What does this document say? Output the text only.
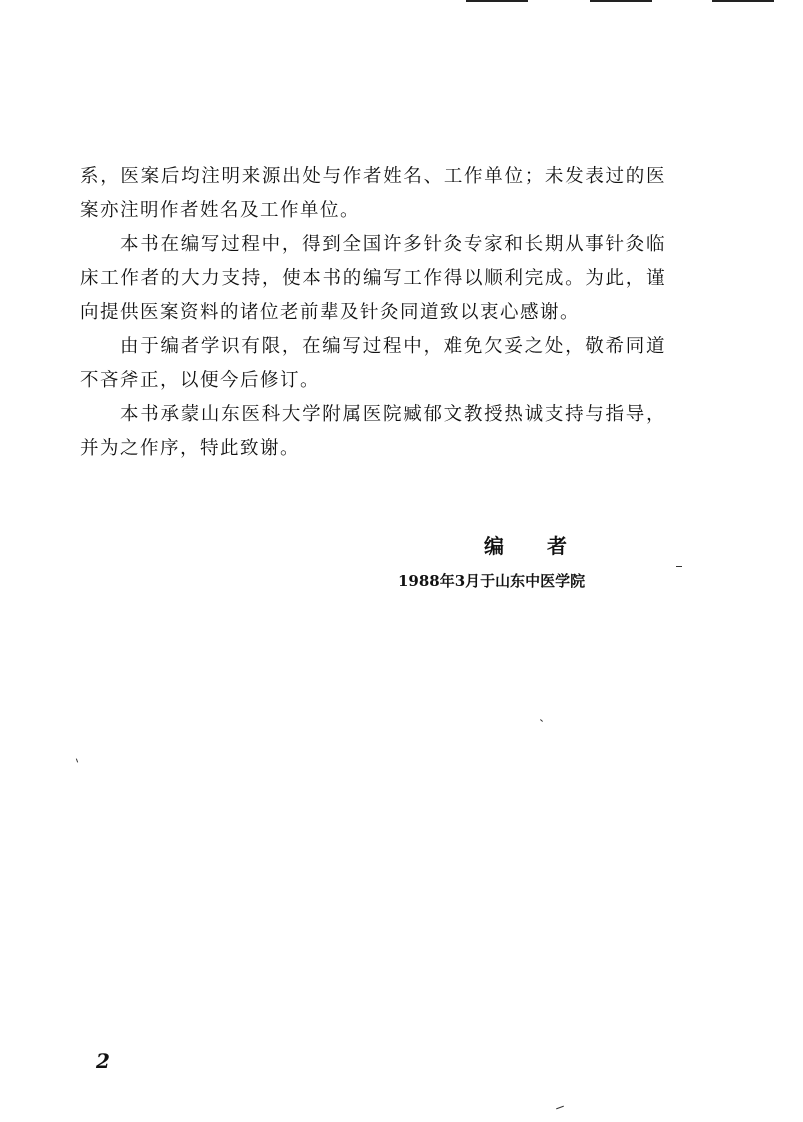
系，医案后均注明来源出处与作者姓名、工作单位；未发表过的医案亦注明作者姓名及工作单位。

本书在编写过程中，得到全国许多针灸专家和长期从事针灸临床工作者的大力支持，使本书的编写工作得以顺利完成。为此，谨向提供医案资料的诸位老前辈及针灸同道致以衷心感谢。

由于编者学识有限，在编写过程中，难免欠妥之处，敬希同道不吝斧正，以便今后修订。

本书承蒙山东医科大学附属医院臧郁文教授热诚支持与指导，并为之作序，特此致谢。

编 者
1988年3月于山东中医学院
2
